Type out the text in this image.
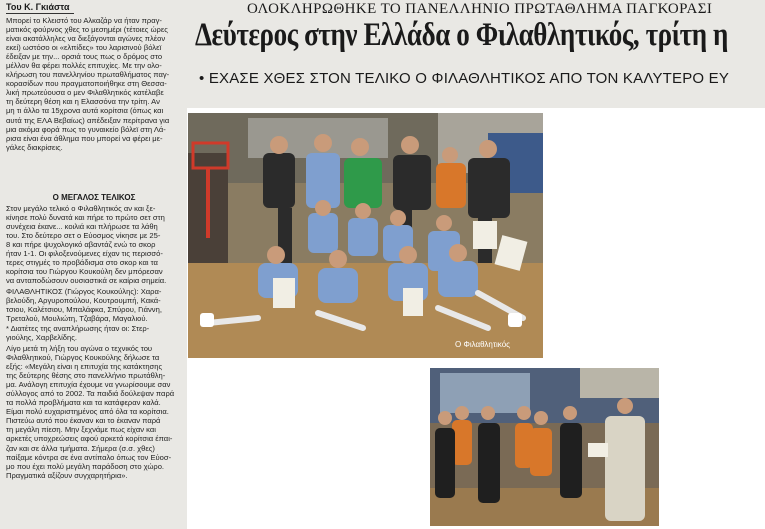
Του Κ. Γκιάστα
Μπορεί το Κλειστό του Αλκαζάρ να ήταν πραγ-
ματικός φούρνος χθες το μεσημέρι (τέτοιες ώρες
είναι ακατάλληλες να διεξάγονται αγώνες πλέον
εκεί) ωστόσο οι «ελπίδες» του λαρισινού βόλεϊ
έδειξαν με την... ορσιά τους πως ο δρόμος στο
μέλλον θα φέρει πολλές επιτυχίες. Με την ολο-
κλήρωση του πανελληνίου πρωταθλήματος παγ-
κορασίδων που πραγματοποιήθηκε στη Θεσσα-
λική πρωτεύουσα ο μεν Φιλαθλητικός κατέλαβε
τη δεύτερη θέση και η Ελασσόνα την τρίτη. Αν
μη τι άλλο τα 15χρονα αυτά κορίτσια (όπως και
αυτά της ΕΛΑ Βεβαίως) απέδειξαν περίτρανα για
μια ακόμα φορά πως το γυναικείο βόλεϊ στη Λά-
ρισα είναι ένα άθλημα που μπορεί να φέρει με-
γάλες διακρίσεις.
Ο ΜΕΓΑΛΟΣ ΤΕΛΙΚΟΣ
Στον μεγάλο τελικό ο Φιλαθλητικός αν και ξε-
κίνησε πολύ δυνατά και πήρε το πρώτο σετ στη
συνέχεια έκανε... κοιλιά και πλήρωσε τα λάθη
του. Στο δεύτερο σετ ο Εύοσμος νίκησε με 25-
8 και πήρε ψυχολογικό αβαντάζ ενώ το σκορ
ήταν 1-1. Οι φιλοξενούμενες είχαν τις περισσό-
τερες στιγμές το προβάδισμα στο σκορ και τα
κορίτσια του Γιώργου Κουκούλη δεν μπόρεσαν
να ανταποδώσουν ουσιαστικά σε καίρια σημεία.
ΦΙΛΑΘΛΗΤΙΚΟΣ (Γιώργος Κουκούλης): Χαρα-
βελούδη, Αργυροπούλου, Κουτρουμπή, Κακά-
τσιου, Καλέτσιου, Μπαλάφκα, Σπύρου, Γιάννη,
Τρεταλού, Μουλιώτη, Τζαβάρα, Μαγαλιού.
* Διατέτες της αναπλήρωσης ήταν οι: Στερ-
γιούλης, Χαρβελίδης.
Λίγο μετά τη λήξη του αγώνα ο τεχνικός του
Φιλαθλητικού, Γιώργος Κουκούλης δήλωσε τα
εξής: «Μεγάλη είναι η επιτυχία της κατάκτησης
της δεύτερης θέσης στο πανελλήνιο πρωτάθλη-
μα. Ανάλογη επιτυχία έχουμε να γνωρίσουμε σαν
σύλλογος από το 2002. Τα παιδιά δούλεψαν παρά
τα πολλά προβλήματα και τα κατάφεραν καλά.
Είμαι πολύ ευχαριστημένος από όλα τα κορίτσια.
Πιστεύω αυτό που έκαναν και το έκαναν παρά
τη μεγάλη πίεση. Μην ξεχνάμε πως είχαν και
αρκετές υποχρεώσεις αφού αρκετά κορίτσια έπαι-
ζαν και σε άλλα τμήματα. Σήμερα (σ.σ. χθες)
παίξαμε κόντρα σε ένα αντίπαλο όπως τον Εύοσ-
μο που έχει πολύ μεγάλη παράδοση στο χώρο.
Πραγματικά αξίζουν συγχαρητήρια».
ΟΛΟΚΛΗΡΩΘΗΚΕ ΤΟ ΠΑΝΕΛΛΗΝΙΟ ΠΡΩΤΑΘΛΗΜΑ ΠΑΓΚΟΡΑΣΙ
Δεύτερος στην Ελλάδα ο Φιλαθλητικός, τρίτη η
• ΕΧΑΣΕ ΧΘΕΣ ΣΤΟΝ ΤΕΛΙΚΟ Ο ΦΙΛΑΘΛΗΤΙΚΟΣ ΑΠΟ ΤΟΝ ΚΑΛΥΤΕΡΟ ΕΥ
Ο Φιλαθλητικός
